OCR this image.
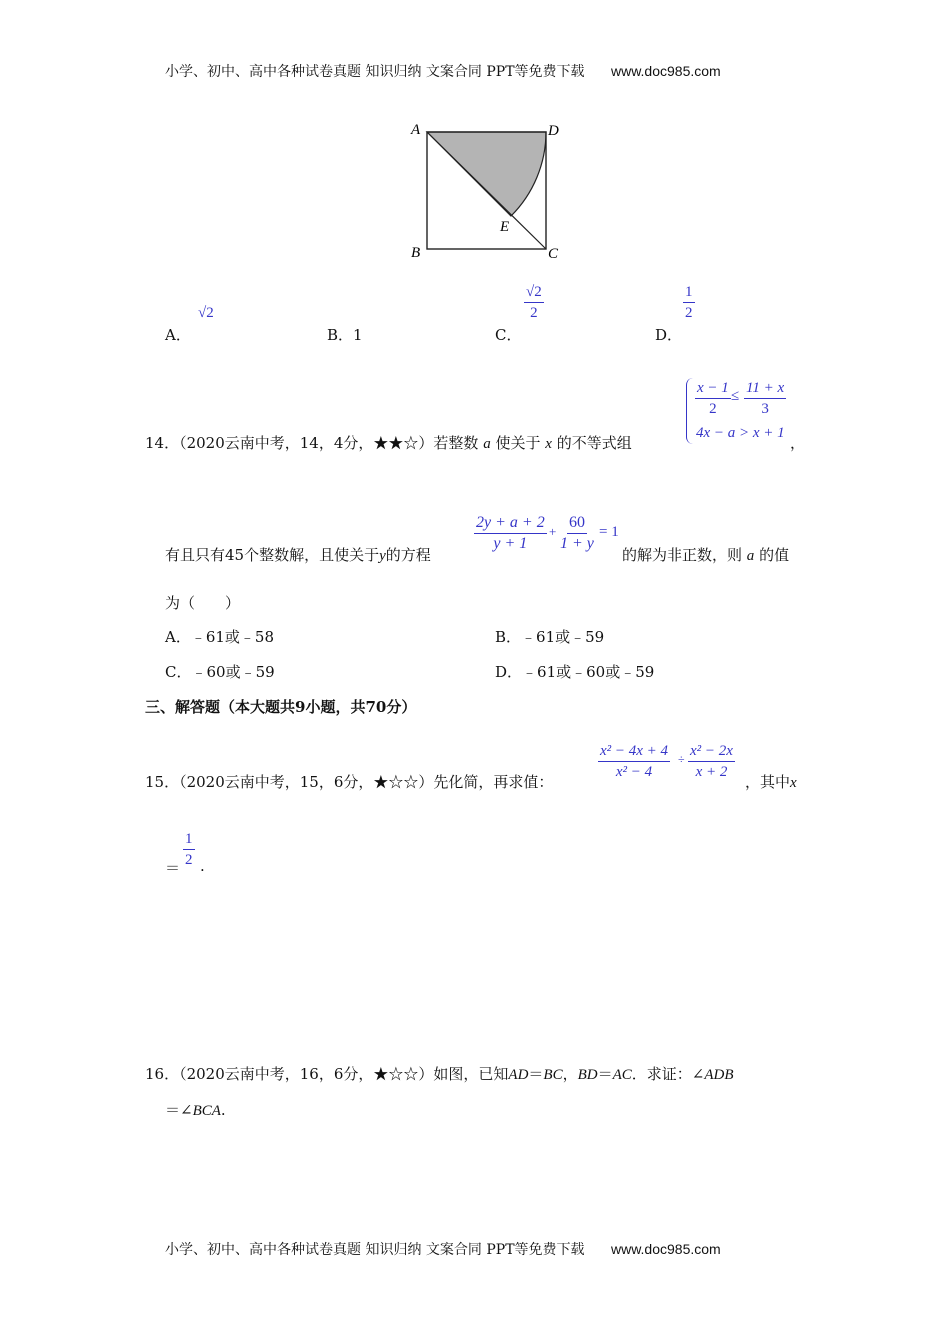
小学、初中、高中各种试卷真题 知识归纳 文案合同 PPT等免费下载 www.doc985.com
A	D
B	C
E
A．
√2
B．1	C．
$\frac{√2}{2}$
D．
$\frac{1}{2}$
14．（2020云南中考，14，4分，★★☆）若整数 a 使关于 x 的不等式组
$\frac{x - 1}{2} \le \frac{11 + x}{3}$
4x − a > x + 1
，
有且只有45个整数解，且使关于y的方程
$\frac{2y + a + 2}{y + 1} + \frac{60}{1 + y} = 1$
的解为非正数，则 a 的值
为（　　）
A．﹣61或﹣58	B．﹣61或﹣59
C．﹣60或﹣59	D．﹣61或﹣60或﹣59
三、解答题（本大题共9小题，共70分）
15．（2020云南中考，15，6分，★☆☆）先化简，再求值：	$\frac{\text{x² − 4x + 4}}{\text{x² − 4}} \div \frac{\text{x² − 2x}}{x + 2}$ ，其中x
＝ $\frac{1}{2}$ .
16．（2020云南中考，16，6分，★☆☆）如图，已知AD＝BC，BD＝AC．求证：∠ADB
＝∠BCA.
小学、初中、高中各种试卷真题 知识归纳 文案合同 PPT等免费下载 www.doc985.com
